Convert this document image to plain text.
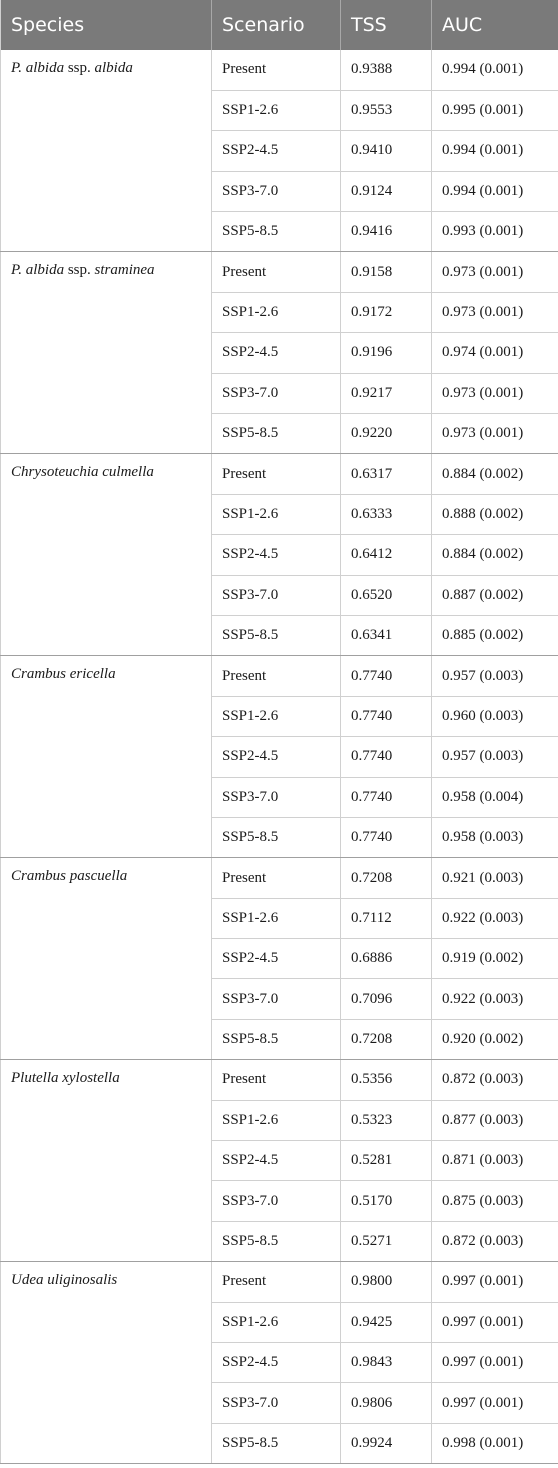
Species	Scenario	TSS	AUC
P. albida ssp. albida	Present	0.9388	0.994 (0.001)
	SSP1-2.6	0.9553	0.995 (0.001)
	SSP2-4.5	0.9410	0.994 (0.001)
	SSP3-7.0	0.9124	0.994 (0.001)
	SSP5-8.5	0.9416	0.993 (0.001)
P. albida ssp. straminea	Present	0.9158	0.973 (0.001)
	SSP1-2.6	0.9172	0.973 (0.001)
	SSP2-4.5	0.9196	0.974 (0.001)
	SSP3-7.0	0.9217	0.973 (0.001)
	SSP5-8.5	0.9220	0.973 (0.001)
Chrysoteuchia culmella	Present	0.6317	0.884 (0.002)
	SSP1-2.6	0.6333	0.888 (0.002)
	SSP2-4.5	0.6412	0.884 (0.002)
	SSP3-7.0	0.6520	0.887 (0.002)
	SSP5-8.5	0.6341	0.885 (0.002)
Crambus ericella	Present	0.7740	0.957 (0.003)
	SSP1-2.6	0.7740	0.960 (0.003)
	SSP2-4.5	0.7740	0.957 (0.003)
	SSP3-7.0	0.7740	0.958 (0.004)
	SSP5-8.5	0.7740	0.958 (0.003)
Crambus pascuella	Present	0.7208	0.921 (0.003)
	SSP1-2.6	0.7112	0.922 (0.003)
	SSP2-4.5	0.6886	0.919 (0.002)
	SSP3-7.0	0.7096	0.922 (0.003)
	SSP5-8.5	0.7208	0.920 (0.002)
Plutella xylostella	Present	0.5356	0.872 (0.003)
	SSP1-2.6	0.5323	0.877 (0.003)
	SSP2-4.5	0.5281	0.871 (0.003)
	SSP3-7.0	0.5170	0.875 (0.003)
	SSP5-8.5	0.5271	0.872 (0.003)
Udea uliginosalis	Present	0.9800	0.997 (0.001)
	SSP1-2.6	0.9425	0.997 (0.001)
	SSP2-4.5	0.9843	0.997 (0.001)
	SSP3-7.0	0.9806	0.997 (0.001)
	SSP5-8.5	0.9924	0.998 (0.001)
